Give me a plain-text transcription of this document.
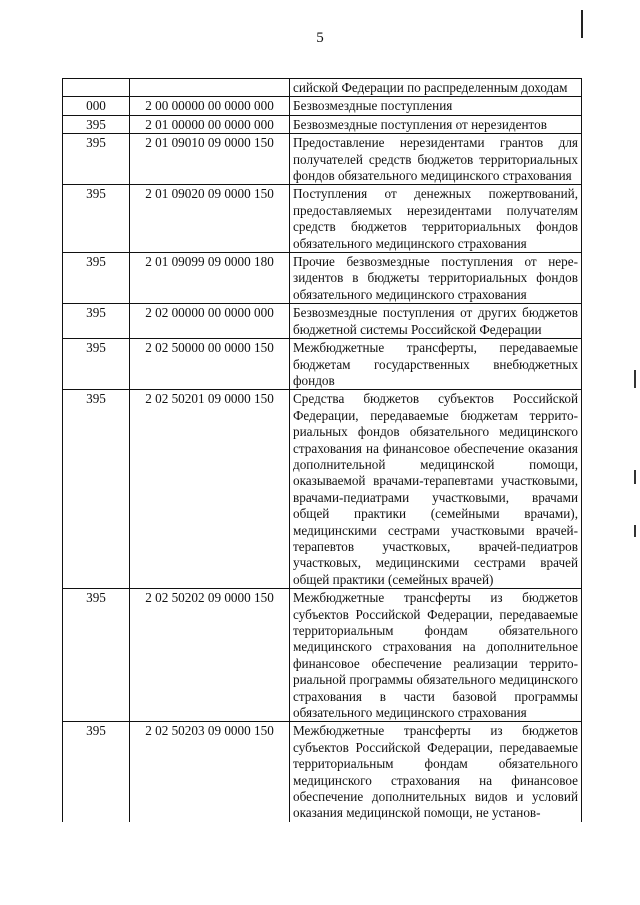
5
		сийской Федерации по распределенным доходам
000	2 00 00000 00 0000 000	Безвозмездные поступления
395	2 01 00000 00 0000 000	Безвозмездные поступления от нерезидентов
395	2 01 09010 09 0000 150	Предоставление нерезидентами грантов для получателей средств бюджетов территориальных фондов обязательного медицинского страхования
395	2 01 09020 09 0000 150	Поступления от денежных пожертвований, предоставляемых нерезидентами получателям средств бюджетов территориальных фондов обязательного медицинского страхования
395	2 01 09099 09 0000 180	Прочие безвозмездные поступления от нерезидентов в бюджеты территориальных фондов обязательного медицинского страхования
395	2 02 00000 00 0000 000	Безвозмездные поступления от других бюджетов бюджетной системы Российской Федерации
395	2 02 50000 00 0000 150	Межбюджетные трансферты, передаваемые бюджетам государственных внебюджетных фондов
395	2 02 50201 09 0000 150	Средства бюджетов субъектов Российской Федерации, передаваемые бюджетам территориальных фондов обязательного медицинского страхования на финансовое обеспечение оказания дополнительной медицинской помощи, оказываемой врачами-терапевтами участковыми, врачами-педиатрами участковыми, врачами общей практики (семейными врачами), медицинскими сестрами участковыми врачей-терапевтов участковых, врачей-педиатров участковых, медицинскими сестрами врачей общей практики (семейных врачей)
395	2 02 50202 09 0000 150	Межбюджетные трансферты из бюджетов субъектов Российской Федерации, передаваемые территориальным фондам обязательного медицинского страхования на дополнительное финансовое обеспечение реализации территориальной программы обязательного медицинского страхования в части базовой программы обязательного медицинского страхования
395	2 02 50203 09 0000 150	Межбюджетные трансферты из бюджетов субъектов Российской Федерации, передаваемые территориальным фондам обязательного медицинского страхования на финансовое обеспечение дополнительных видов и условий оказания медицинской помощи, не установ-
